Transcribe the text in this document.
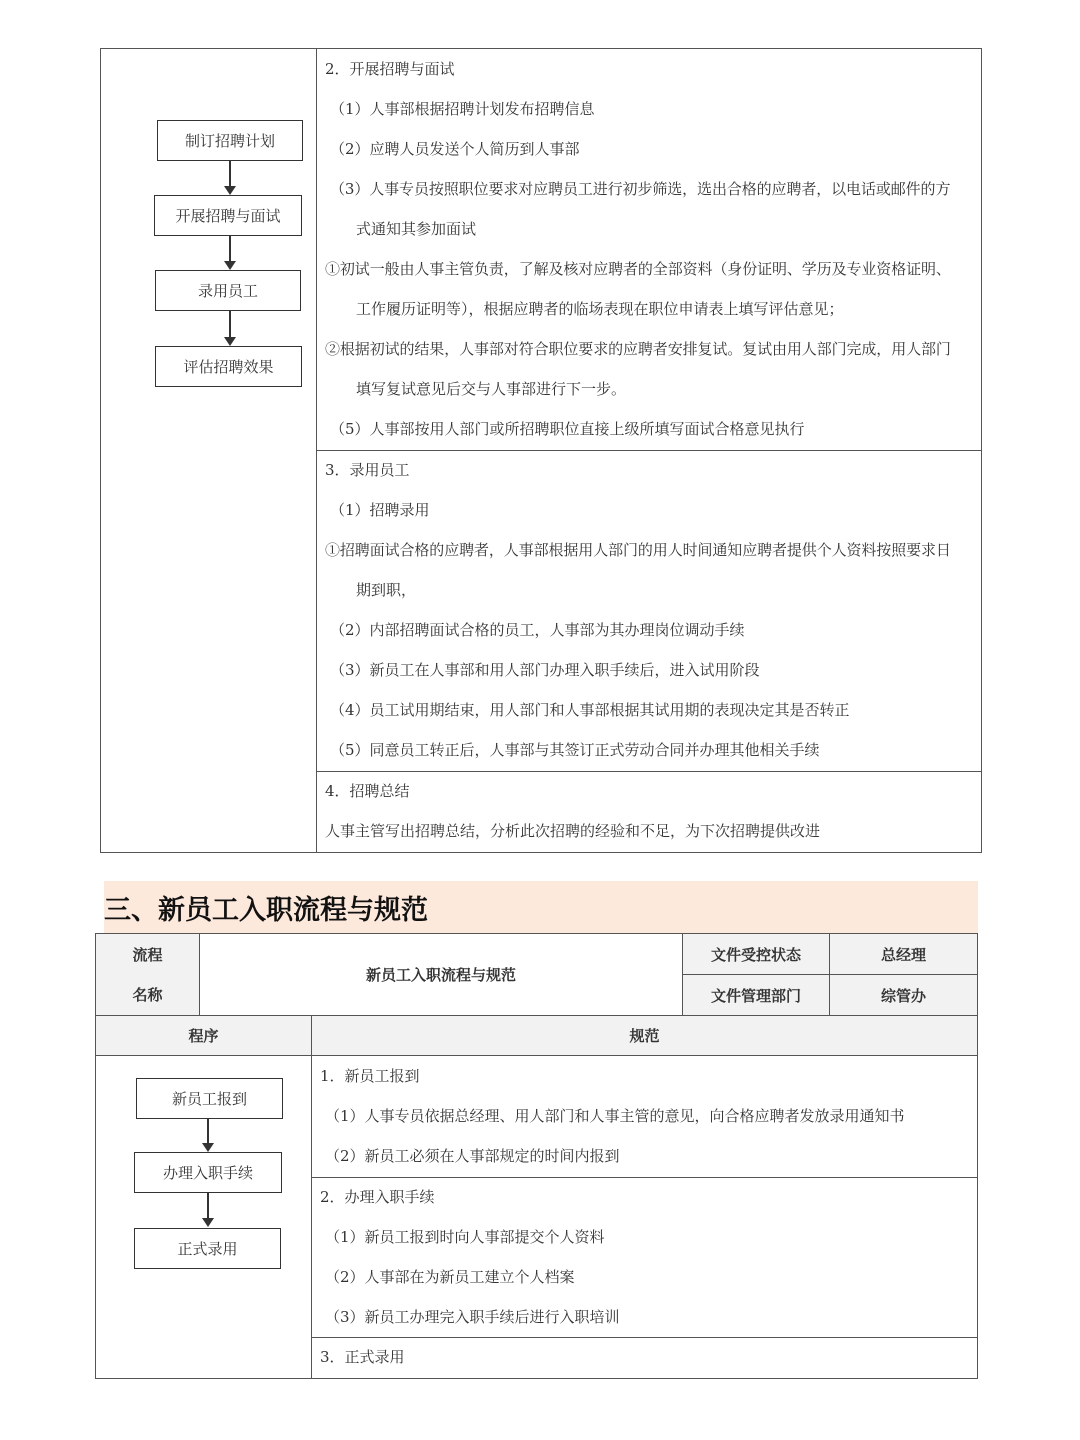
制订招聘计划
开展招聘与面试
录用员工
评估招聘效果
2．开展招聘与面试
（1）人事部根据招聘计划发布招聘信息
（2）应聘人员发送个人简历到人事部
（3）人事专员按照职位要求对应聘员工进行初步筛选，选出合格的应聘者，以电话或邮件的方
式通知其参加面试
①初试一般由人事主管负责，了解及核对应聘者的全部资料（身份证明、学历及专业资格证明、
工作履历证明等），根据应聘者的临场表现在职位申请表上填写评估意见；
②根据初试的结果，人事部对符合职位要求的应聘者安排复试。复试由用人部门完成，用人部门
填写复试意见后交与人事部进行下一步。
（5）人事部按用人部门或所招聘职位直接上级所填写面试合格意见执行
3．录用员工
（1）招聘录用
①招聘面试合格的应聘者，人事部根据用人部门的用人时间通知应聘者提供个人资料按照要求日
期到职，
（2）内部招聘面试合格的员工，人事部为其办理岗位调动手续
（3）新员工在人事部和用人部门办理入职手续后，进入试用阶段
（4）员工试用期结束，用人部门和人事部根据其试用期的表现决定其是否转正
（5）同意员工转正后，人事部与其签订正式劳动合同并办理其他相关手续
4．招聘总结
人事主管写出招聘总结，分析此次招聘的经验和不足，为下次招聘提供改进
三、新员工入职流程与规范
流程
名称
新员工入职流程与规范
文件受控状态	总经理
文件管理部门	综管办
程序	规范
新员工报到
办理入职手续
正式录用
1．新员工报到
（1）人事专员依据总经理、用人部门和人事主管的意见，向合格应聘者发放录用通知书
（2）新员工必须在人事部规定的时间内报到
2．办理入职手续
（1）新员工报到时向人事部提交个人资料
（2）人事部在为新员工建立个人档案
（3）新员工办理完入职手续后进行入职培训
3．正式录用
